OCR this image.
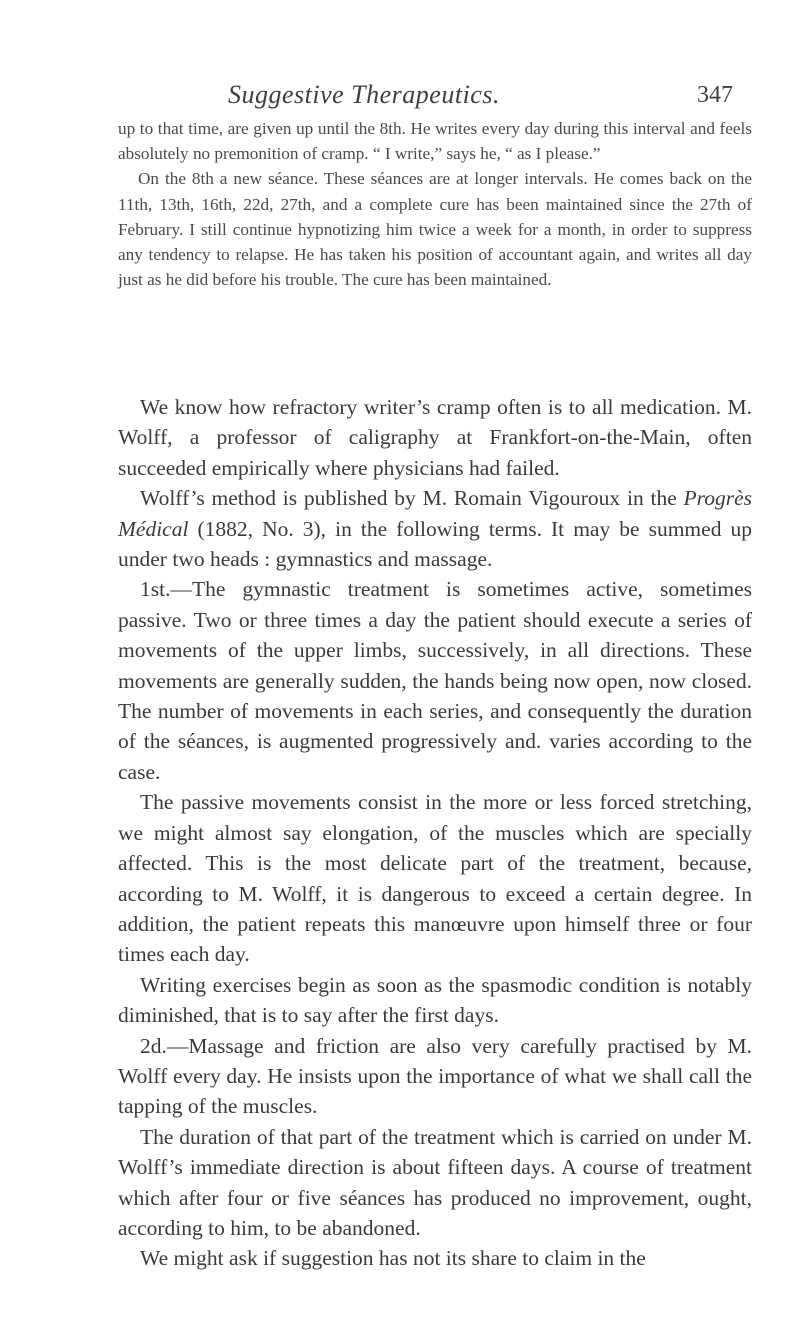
Suggestive Therapeutics.	347

up to that time, are given up until the 8th. He writes every day during this interval and feels absolutely no premonition of cramp. “ I write,” says he, “ as I please.”

On the 8th a new séance. These séances are at longer intervals. He comes back on the 11th, 13th, 16th, 22d, 27th, and a complete cure has been maintained since the 27th of February. I still continue hypnotizing him twice a week for a month, in order to suppress any tendency to relapse. He has taken his position of accountant again, and writes all day just as he did before his trouble. The cure has been maintained.

We know how refractory writer’s cramp often is to all medication. M. Wolff, a professor of caligraphy at Frankfort-on-the-Main, often succeeded empirically where physicians had failed.

Wolff’s method is published by M. Romain Vigouroux in the Progrès Médical (1882, No. 3), in the following terms. It may be summed up under two heads : gymnastics and massage.

1st.—The gymnastic treatment is sometimes active, sometimes passive. Two or three times a day the patient should execute a series of movements of the upper limbs, successively, in all directions. These movements are generally sudden, the hands being now open, now closed. The number of movements in each series, and consequently the duration of the séances, is augmented progressively and. varies according to the case.

The passive movements consist in the more or less forced stretching, we might almost say elongation, of the muscles which are specially affected. This is the most delicate part of the treatment, because, according to M. Wolff, it is dangerous to exceed a certain degree. In addition, the patient repeats this manœuvre upon himself three or four times each day.

Writing exercises begin as soon as the spasmodic condition is notably diminished, that is to say after the first days.

2d.—Massage and friction are also very carefully practised by M. Wolff every day. He insists upon the importance of what we shall call the tapping of the muscles.

The duration of that part of the treatment which is carried on under M. Wolff’s immediate direction is about fifteen days. A course of treatment which after four or five séances has produced no improvement, ought, according to him, to be abandoned.

We might ask if suggestion has not its share to claim in the
